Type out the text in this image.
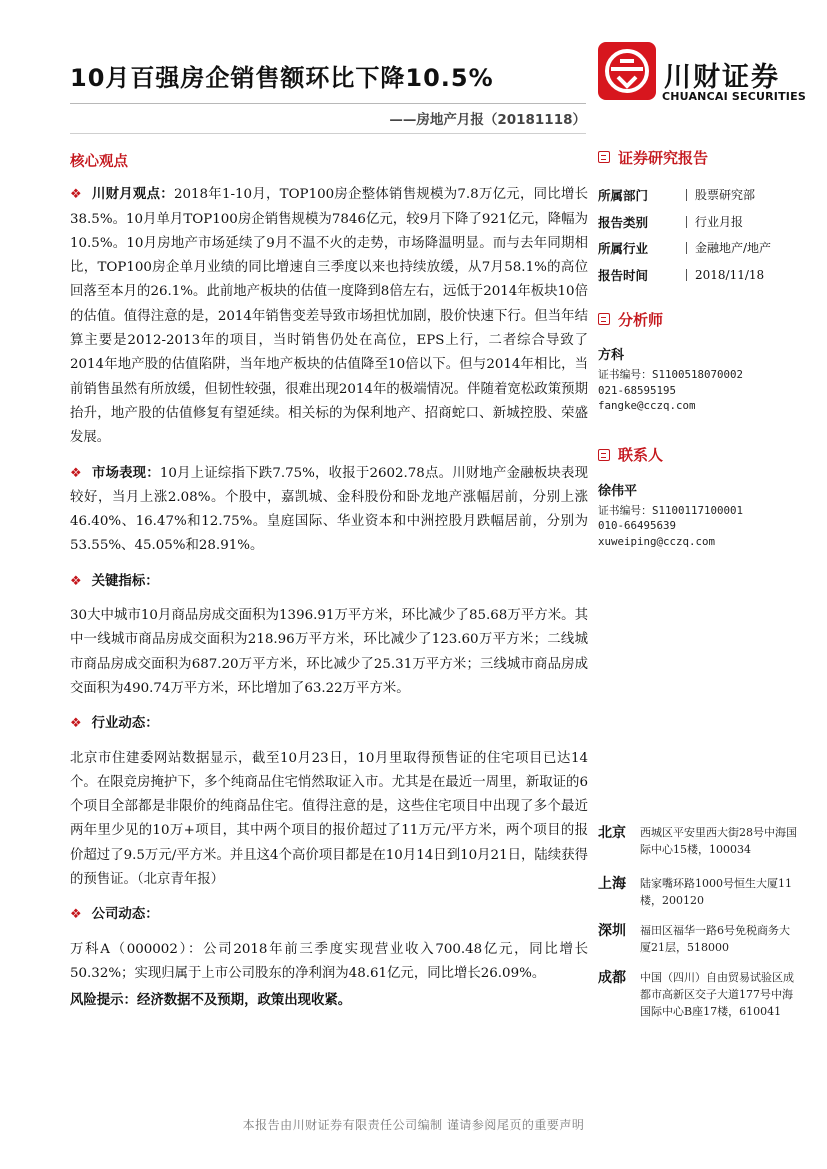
10月百强房企销售额环比下降10.5%
——房地产月报（20181118）
川财证券
CHUANCAI SECURITIES

核心观点

❖ 川财月观点：2018年1-10月，TOP100房企整体销售规模为7.8万亿元，同比增长38.5%。10月单月TOP100房企销售规模为7846亿元，较9月下降了921亿元，降幅为10.5%。10月房地产市场延续了9月不温不火的走势，市场降温明显。而与去年同期相比，TOP100房企单月业绩的同比增速自三季度以来也持续放缓，从7月58.1%的高位回落至本月的26.1%。此前地产板块的估值一度降到8倍左右，远低于2014年板块10倍的估值。值得注意的是，2014年销售变差导致市场担忧加剧，股价快速下行。但当年结算主要是2012-2013年的项目，当时销售仍处在高位，EPS上行，二者综合导致了2014年地产股的估值陷阱，当年地产板块的估值降至10倍以下。但与2014年相比，当前销售虽然有所放缓，但韧性较强，很难出现2014年的极端情况。伴随着宽松政策预期抬升，地产股的估值修复有望延续。相关标的为保利地产、招商蛇口、新城控股、荣盛发展。

❖ 市场表现：10月上证综指下跌7.75%，收报于2602.78点。川财地产金融板块表现较好，当月上涨2.08%。个股中，嘉凯城、金科股份和卧龙地产涨幅居前，分别上涨46.40%、16.47%和12.75%。皇庭国际、华业资本和中洲控股月跌幅居前，分别为53.55%、45.05%和28.91%。

❖ 关键指标：

30大中城市10月商品房成交面积为1396.91万平方米，环比减少了85.68万平方米。其中一线城市商品房成交面积为218.96万平方米，环比减少了123.60万平方米；二线城市商品房成交面积为687.20万平方米，环比减少了25.31万平方米；三线城市商品房成交面积为490.74万平方米，环比增加了63.22万平方米。

❖ 行业动态：

北京市住建委网站数据显示，截至10月23日，10月里取得预售证的住宅项目已达14个。在限竞房掩护下，多个纯商品住宅悄然取证入市。尤其是在最近一周里，新取证的6个项目全部都是非限价的纯商品住宅。值得注意的是，这些住宅项目中出现了多个最近两年里少见的10万+项目，其中两个项目的报价超过了11万元/平方米，两个项目的报价超过了9.5万元/平方米。并且这4个高价项目都是在10月14日到10月21日，陆续获得的预售证。（北京青年报）

❖ 公司动态：

万科A（000002）：公司2018年前三季度实现营业收入700.48亿元，同比增长50.32%；实现归属于上市公司股东的净利润为48.61亿元，同比增长26.09%。

风险提示：经济数据不及预期，政策出现收紧。

证券研究报告
所属部门	股票研究部
报告类别	行业月报
所属行业	金融地产/地产
报告时间	2018/11/18
分析师
方科
证书编号：S1100518070002
021-68595195
fangke@cczq.com
联系人
徐伟平
证书编号：S1100117100001
010-66495639
xuweiping@cczq.com
北京 西城区平安里西大街28号中海国际中心15楼，100034
上海 陆家嘴环路1000号恒生大厦11楼，200120
深圳 福田区福华一路6号免税商务大厦21层，518000
成都 中国（四川）自由贸易试验区成都市高新区交子大道177号中海国际中心B座17楼，610041
本报告由川财证券有限责任公司编制 谨请参阅尾页的重要声明
